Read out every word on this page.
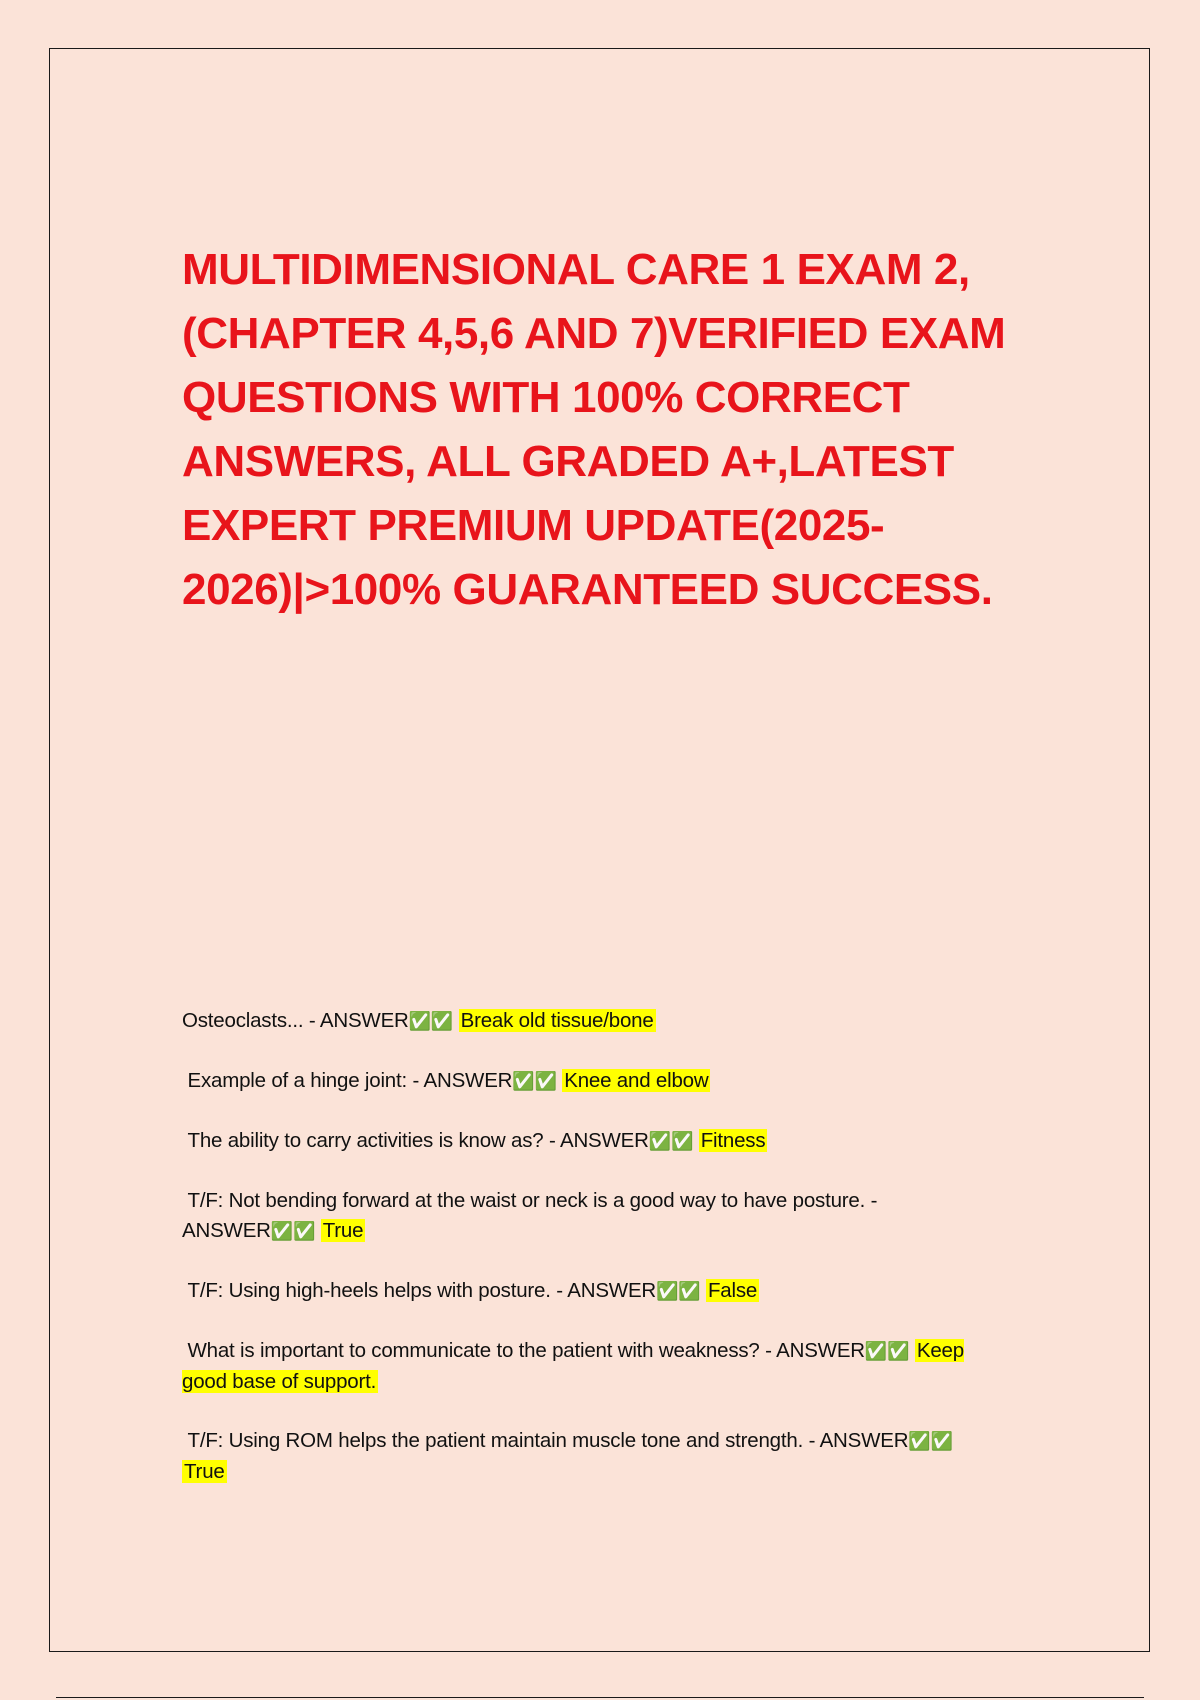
MULTIDIMENSIONAL CARE 1 EXAM 2, (CHAPTER 4,5,6 AND 7)VERIFIED EXAM QUESTIONS WITH 100% CORRECT ANSWERS, ALL GRADED A+,LATEST EXPERT PREMIUM UPDATE(2025-2026)|>100% GUARANTEED SUCCESS.

Osteoclasts... - ANSWER✅✅ Break old tissue/bone

Example of a hinge joint: - ANSWER✅✅ Knee and elbow

The ability to carry activities is know as? - ANSWER✅✅ Fitness

T/F: Not bending forward at the waist or neck is a good way to have posture. - ANSWER✅✅ True

T/F: Using high-heels helps with posture. - ANSWER✅✅ False

What is important to communicate to the patient with weakness? - ANSWER✅✅ Keep good base of support.

T/F: Using ROM helps the patient maintain muscle tone and strength. - ANSWER✅✅ True
